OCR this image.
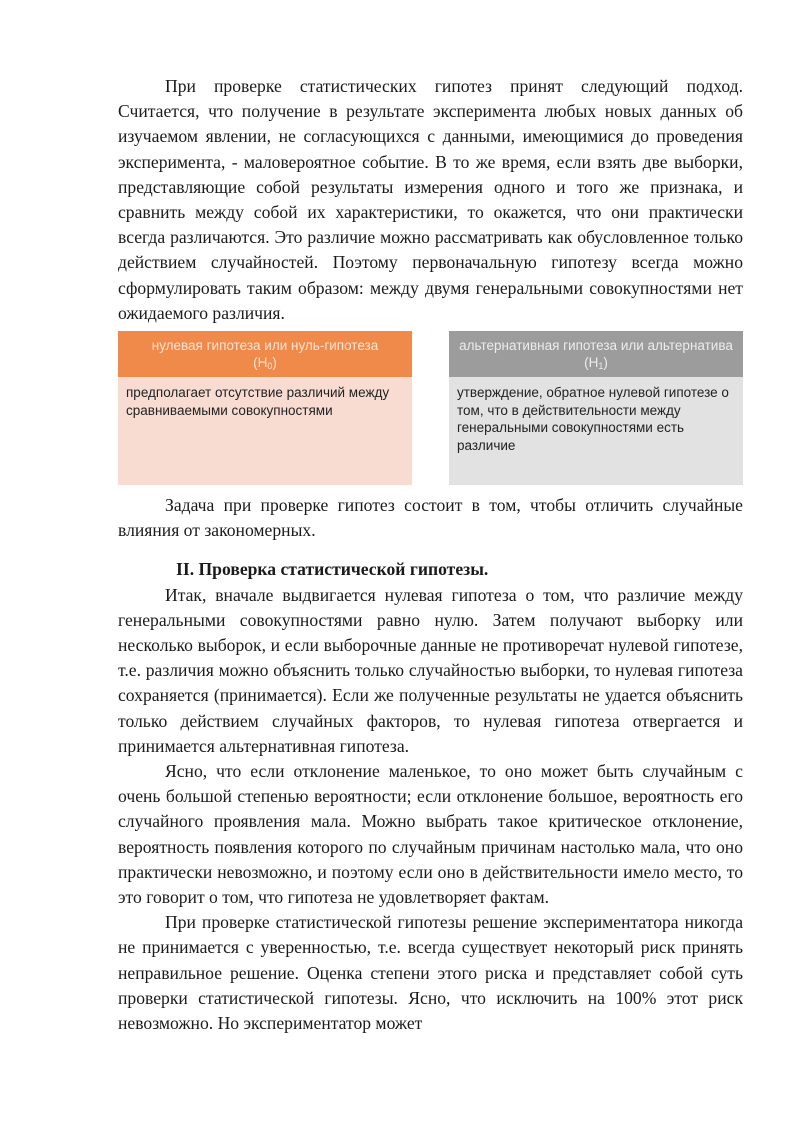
При проверке статистических гипотез принят следующий подход. Считается, что получение в результате эксперимента любых новых данных об изучаемом явлении, не согласующихся с данными, имеющимися до проведения эксперимента, - маловероятное событие. В то же время, если взять две выборки, представляющие собой результаты измерения одного и того же признака, и сравнить между собой их характеристики, то окажется, что они практически всегда различаются. Это различие можно рассматривать как обусловленное только действием случайностей. Поэтому первоначальную гипотезу всегда можно сформулировать таким образом: между двумя генеральными совокупностями нет ожидаемого различия.

нулевая гипотеза или нуль-гипотеза
$(H_0)$
предполагает отсутствие различий между сравниваемыми совокупностями
альтернативная гипотеза или альтернатива $(H_1)$
утверждение, обратное нулевой гипотезе о том, что в действительности между генеральными совокупностями есть различие

Задача при проверке гипотез состоит в том, чтобы отличить случайные влияния от закономерных.

II. Проверка статистической гипотезы.

Итак, вначале выдвигается нулевая гипотеза о том, что различие между генеральными совокупностями равно нулю. Затем получают выборку или несколько выборок, и если выборочные данные не противоречат нулевой гипотезе, т.е. различия можно объяснить только случайностью выборки, то нулевая гипотеза сохраняется (принимается). Если же полученные результаты не удается объяснить только действием случайных факторов, то нулевая гипотеза отвергается и принимается альтернативная гипотеза.

Ясно, что если отклонение маленькое, то оно может быть случайным с очень большой степенью вероятности; если отклонение большое, вероятность его случайного проявления мала. Можно выбрать такое критическое отклонение, вероятность появления которого по случайным причинам настолько мала, что оно практически невозможно, и поэтому если оно в действительности имело место, то это говорит о том, что гипотеза не удовлетворяет фактам.

При проверке статистической гипотезы решение экспериментатора никогда не принимается с уверенностью, т.е. всегда существует некоторый риск принять неправильное решение. Оценка степени этого риска и представляет собой суть проверки статистической гипотезы. Ясно, что исключить на 100% этот риск невозможно. Но экспериментатор может
